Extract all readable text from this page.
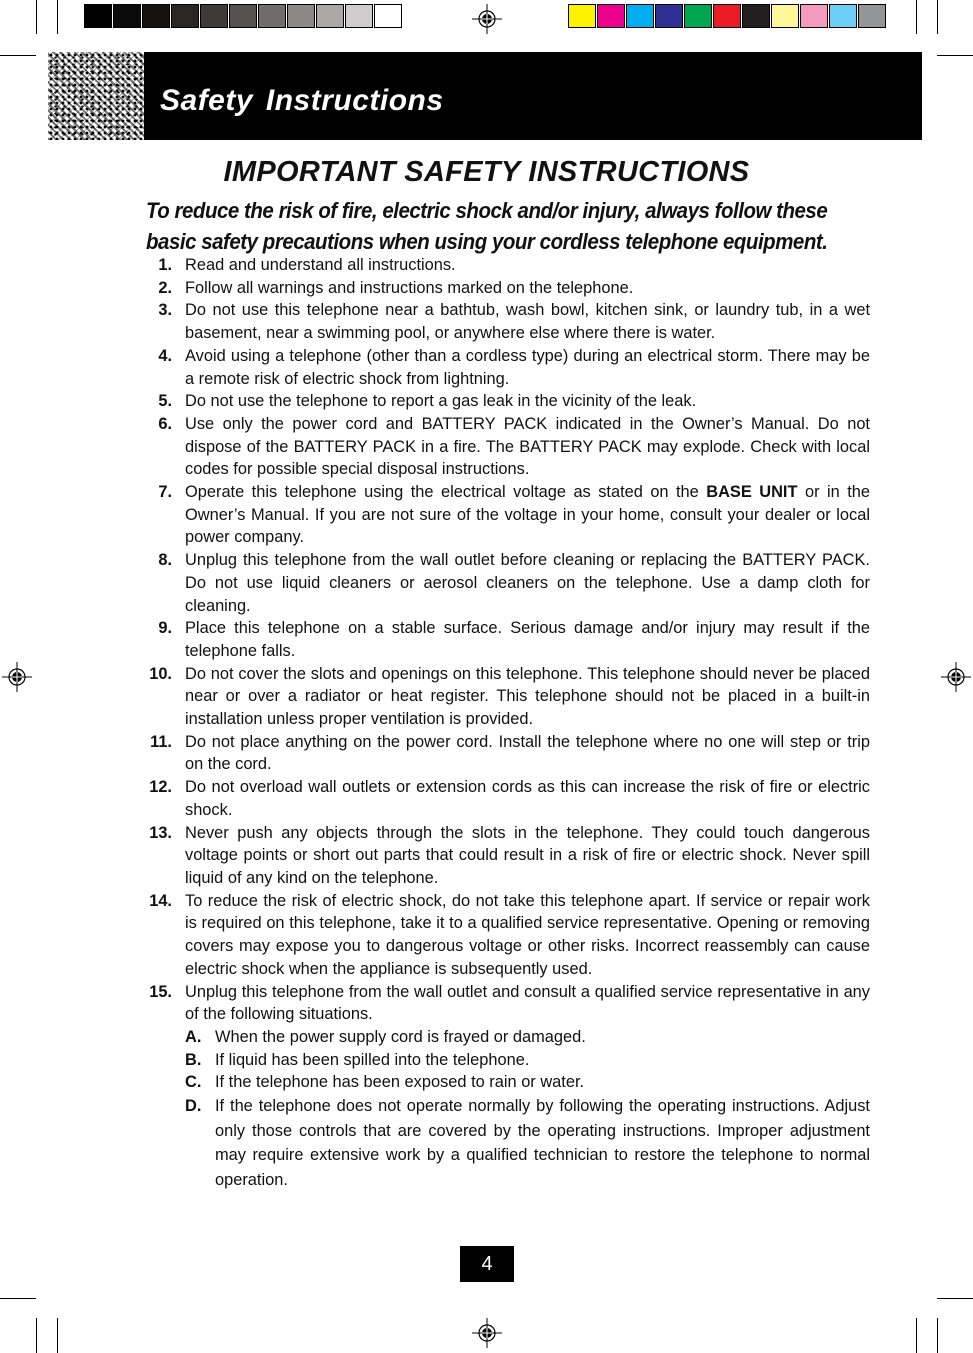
Safety Instructions
IMPORTANT SAFETY INSTRUCTIONS
To reduce the risk of fire, electric shock and/or injury, always follow these basic safety precautions when using your cordless telephone equipment.
1. Read and understand all instructions.
2. Follow all warnings and instructions marked on the telephone.
3. Do not use this telephone near a bathtub, wash bowl, kitchen sink, or laundry tub, in a wet basement, near a swimming pool, or anywhere else where there is water.
4. Avoid using a telephone (other than a cordless type) during an electrical storm. There may be a remote risk of electric shock from lightning.
5. Do not use the telephone to report a gas leak in the vicinity of the leak.
6. Use only the power cord and BATTERY PACK indicated in the Owner’s Manual. Do not dispose of the BATTERY PACK in a fire. The BATTERY PACK may explode. Check with local codes for possible special disposal instructions.
7. Operate this telephone using the electrical voltage as stated on the BASE UNIT or in the Owner’s Manual. If you are not sure of the voltage in your home, consult your dealer or local power company.
8. Unplug this telephone from the wall outlet before cleaning or replacing the BATTERY PACK. Do not use liquid cleaners or aerosol cleaners on the telephone. Use a damp cloth for cleaning.
9. Place this telephone on a stable surface. Serious damage and/or injury may result if the telephone falls.
10. Do not cover the slots and openings on this telephone. This telephone should never be placed near or over a radiator or heat register. This telephone should not be placed in a built-in installation unless proper ventilation is provided.
11. Do not place anything on the power cord. Install the telephone where no one will step or trip on the cord.
12. Do not overload wall outlets or extension cords as this can increase the risk of fire or electric shock.
13. Never push any objects through the slots in the telephone. They could touch dangerous voltage points or short out parts that could result in a risk of fire or electric shock. Never spill liquid of any kind on the telephone.
14. To reduce the risk of electric shock, do not take this telephone apart. If service or repair work is required on this telephone, take it to a qualified service representative. Opening or removing covers may expose you to dangerous voltage or other risks. Incorrect reassembly can cause electric shock when the appliance is subsequently used.
15. Unplug this telephone from the wall outlet and consult a qualified service representative in any of the following situations.
A. When the power supply cord is frayed or damaged.
B. If liquid has been spilled into the telephone.
C. If the telephone has been exposed to rain or water.
D. If the telephone does not operate normally by following the operating instructions. Adjust only those controls that are covered by the operating instructions. Improper adjustment may require extensive work by a qualified technician to restore the telephone to normal operation.
4
